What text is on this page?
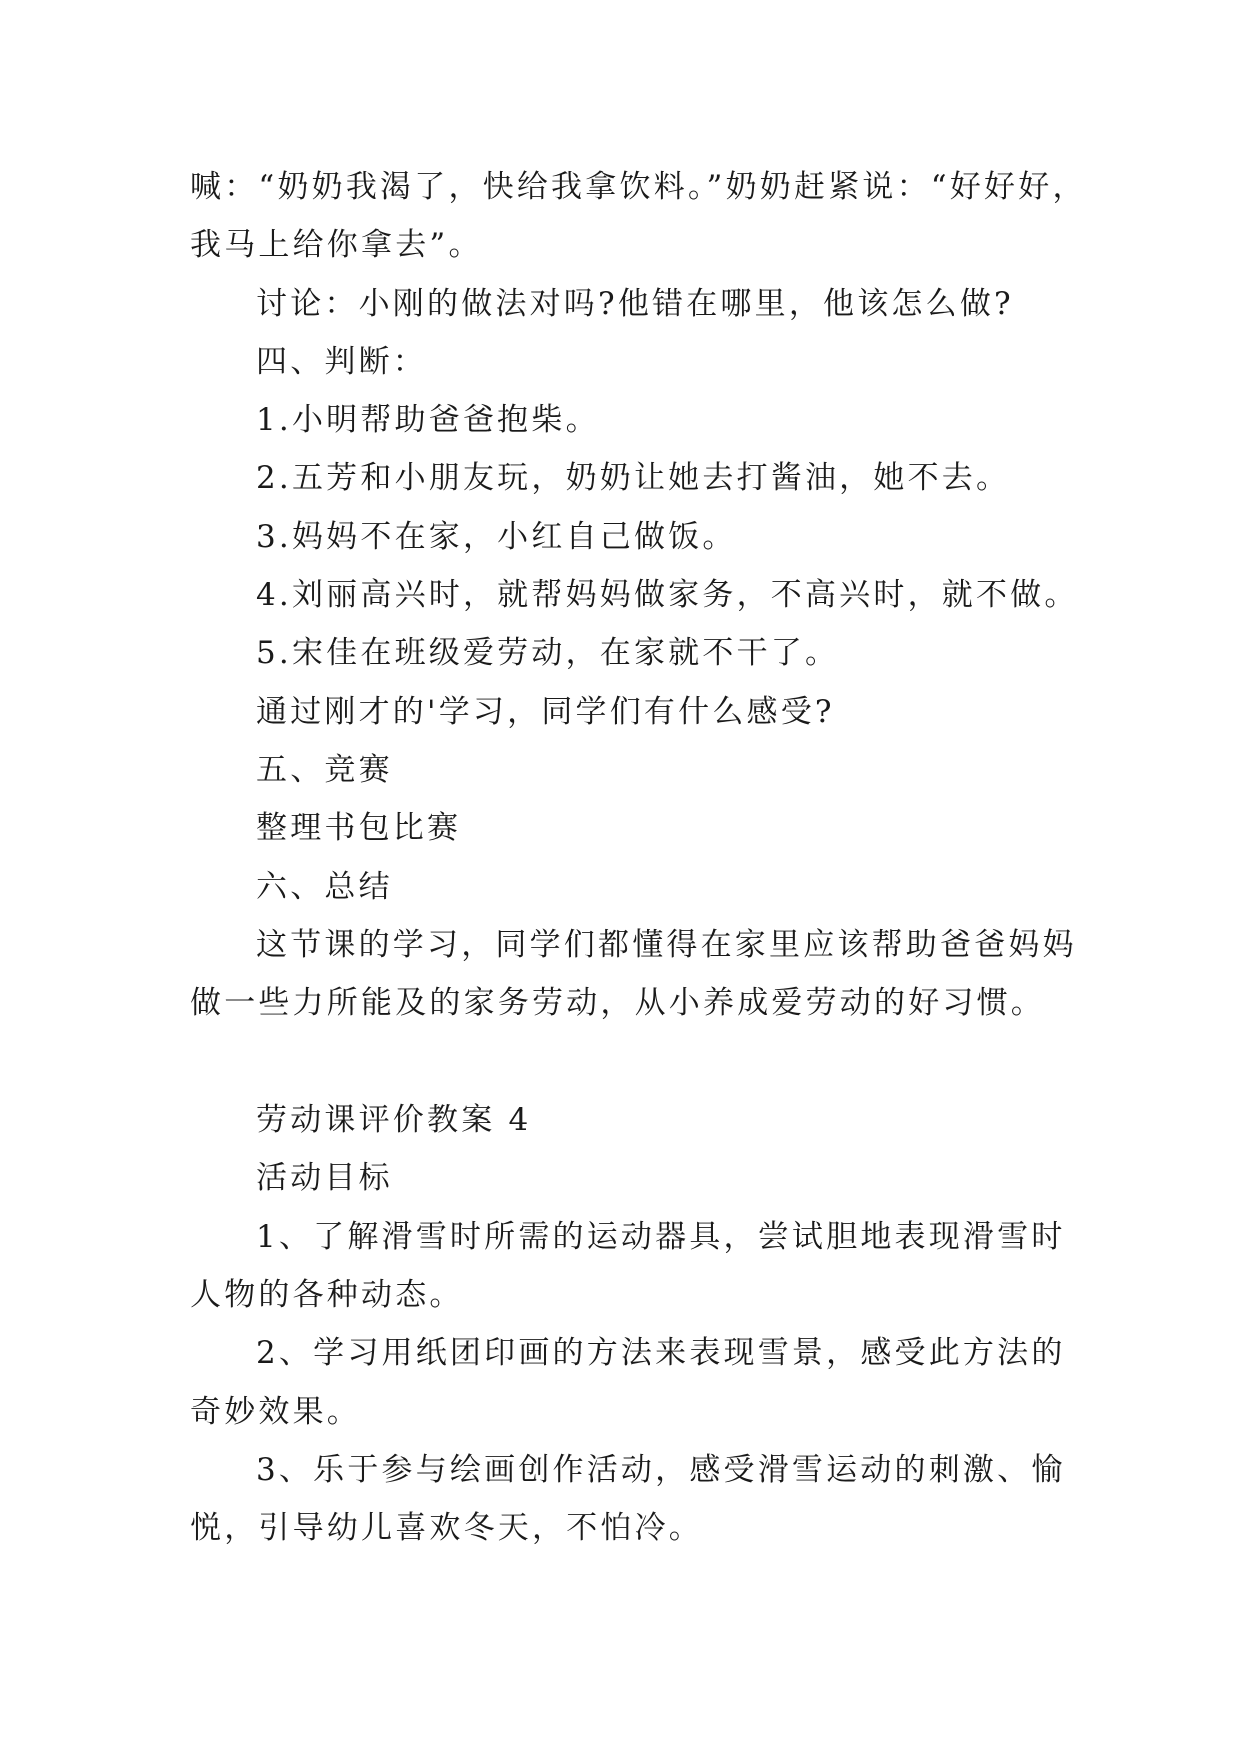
喊：“奶奶我渴了，快给我拿饮料。”奶奶赶紧说：“好好好，
我马上给你拿去”。
讨论：小刚的做法对吗?他错在哪里，他该怎么做?
四、判断：
1.小明帮助爸爸抱柴。
2.五芳和小朋友玩，奶奶让她去打酱油，她不去。
3.妈妈不在家，小红自己做饭。
4.刘丽高兴时，就帮妈妈做家务，不高兴时，就不做。
5.宋佳在班级爱劳动，在家就不干了。
通过刚才的'学习，同学们有什么感受?
五、竞赛
整理书包比赛
六、总结
这节课的学习，同学们都懂得在家里应该帮助爸爸妈妈
做一些力所能及的家务劳动，从小养成爱劳动的好习惯。
劳动课评价教案 4
活动目标
1、了解滑雪时所需的运动器具，尝试胆地表现滑雪时
人物的各种动态。
2、学习用纸团印画的方法来表现雪景，感受此方法的
奇妙效果。
3、乐于参与绘画创作活动，感受滑雪运动的刺激、愉
悦，引导幼儿喜欢冬天，不怕冷。
